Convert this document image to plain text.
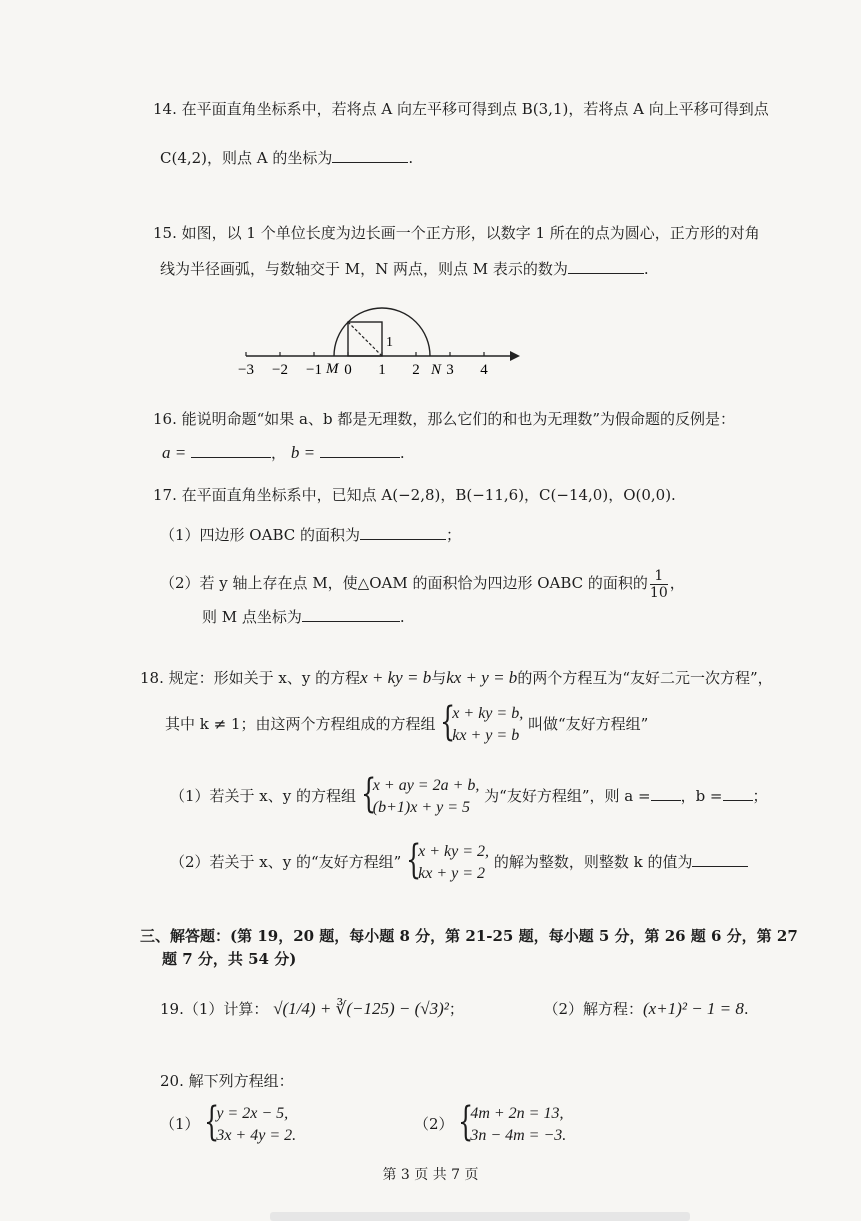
14. 在平面直角坐标系中，若将点 A 向左平移可得到点 B(3,1)，若将点 A 向上平移可得到点
C(4,2)，则点 A 的坐标为	.
15. 如图，以 1 个单位长度为边长画一个正方形，以数字 1 所在的点为圆心，正方形的对角
线为半径画弧，与数轴交于 M，N 两点，则点 M 表示的数为	.
−3 −2 −1 0 1 2 3 4
1
M	N
16. 能说明命题“如果 a、b 都是无理数，那么它们的和也为无理数”为假命题的反例是：
a =	， b =	.
17. 在平面直角坐标系中，已知点 A(−2,8)，B(−11,6)，C(−14,0)，O(0,0).
（1）四边形 OABC 的面积为	；
（2）若 y 轴上存在点 M，使△OAM 的面积恰为四边形 OABC 的面积的 $\frac{1}{10}$ ，
则 M 点坐标为	.
18. 规定：形如关于 x、y 的方程x + ky = b与kx + y = b的两个方程互为“友好二元一次方程”，
其中 k ≠ 1；由这两个方程组成的方程组 {
x + ky = b,
kx + y = b
叫做“友好方程组”
（1）若关于 x、y 的方程组 {
x + ay = 2a + b,
(b+1)x + y = 5
为“友好方程组”，则 a = ，b = ；
（2）若关于 x、y 的“友好方程组” {
x + ky = 2,
kx + y = 2
的解为整数，则整数 k 的值为
三、解答题：(第 19，20 题，每小题 8 分，第 21-25 题，每小题 5 分，第 26 题 6 分，第 27
题 7 分，共 54 分)
19.（1）计算： √(1/4) + ∛(−125) − (√3)²；	（2）解方程：(x+1)² − 1 = 8.
20. 解下列方程组：
（1） {
y = 2x − 5,
3x + 4y = 2.
（2） {
4m + 2n = 13,
3n − 4m = −3.
第 3 页 共 7 页
